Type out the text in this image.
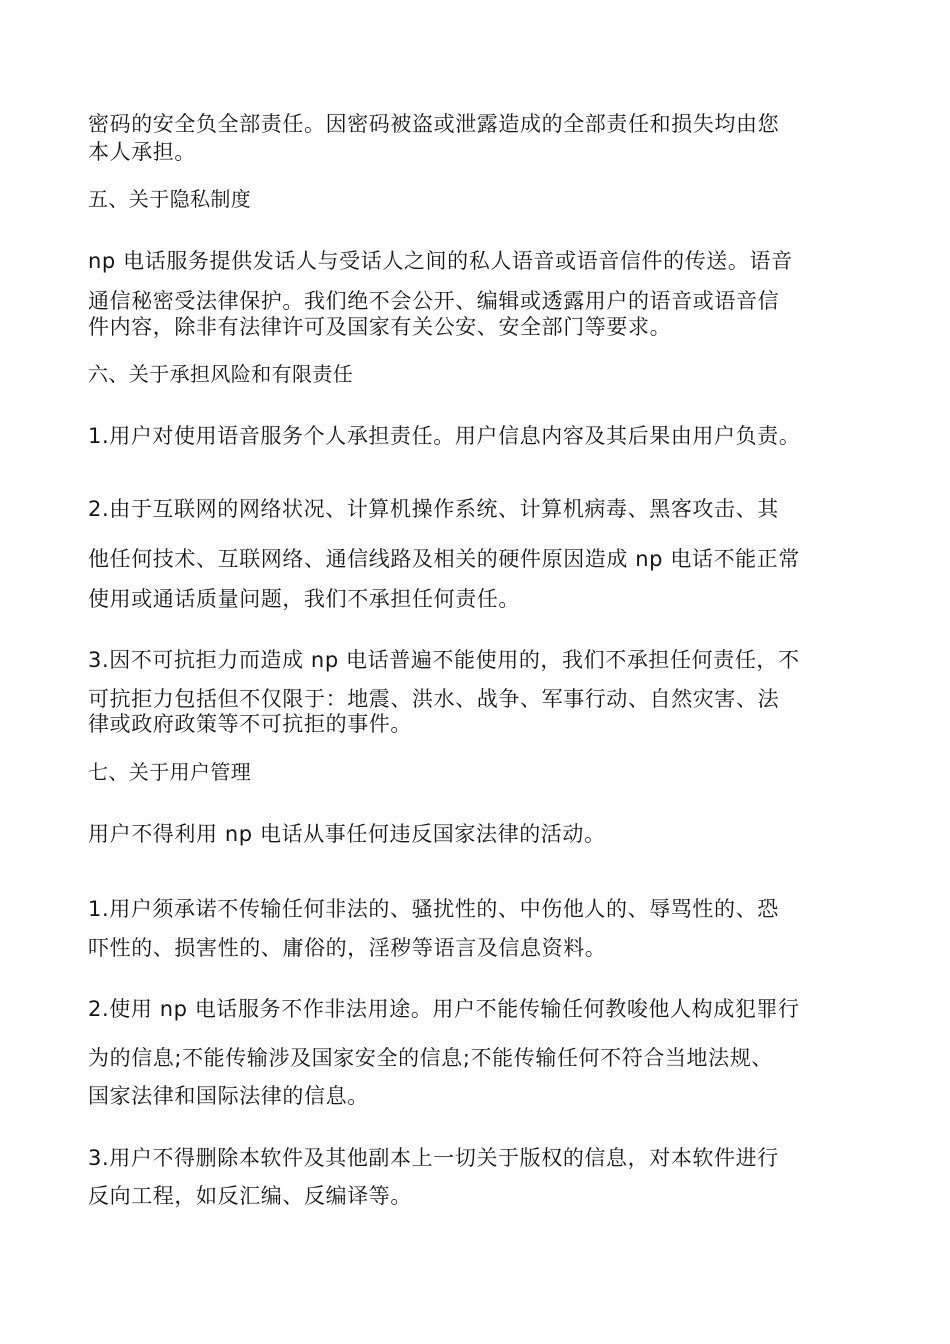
密码的安全负全部责任。因密码被盗或泄露造成的全部责任和损失均由您
本人承担。
五、关于隐私制度
np 电话服务提供发话人与受话人之间的私人语音或语音信件的传送。语音
通信秘密受法律保护。我们绝不会公开、编辑或透露用户的语音或语音信
件内容，除非有法律许可及国家有关公安、安全部门等要求。
六、关于承担风险和有限责任
1.用户对使用语音服务个人承担责任。用户信息内容及其后果由用户负责。
2.由于互联网的网络状况、计算机操作系统、计算机病毒、黑客攻击、其
他任何技术、互联网络、通信线路及相关的硬件原因造成 np 电话不能正常
使用或通话质量问题，我们不承担任何责任。
3.因不可抗拒力而造成 np 电话普遍不能使用的，我们不承担任何责任，不
可抗拒力包括但不仅限于：地震、洪水、战争、军事行动、自然灾害、法
律或政府政策等不可抗拒的事件。
七、关于用户管理
用户不得利用 np 电话从事任何违反国家法律的活动。
1.用户须承诺不传输任何非法的、骚扰性的、中伤他人的、辱骂性的、恐
吓性的、损害性的、庸俗的，淫秽等语言及信息资料。
2.使用 np 电话服务不作非法用途。用户不能传输任何教唆他人构成犯罪行
为的信息;不能传输涉及国家安全的信息;不能传输任何不符合当地法规、
国家法律和国际法律的信息。
3.用户不得删除本软件及其他副本上一切关于版权的信息，对本软件进行
反向工程，如反汇编、反编译等。
